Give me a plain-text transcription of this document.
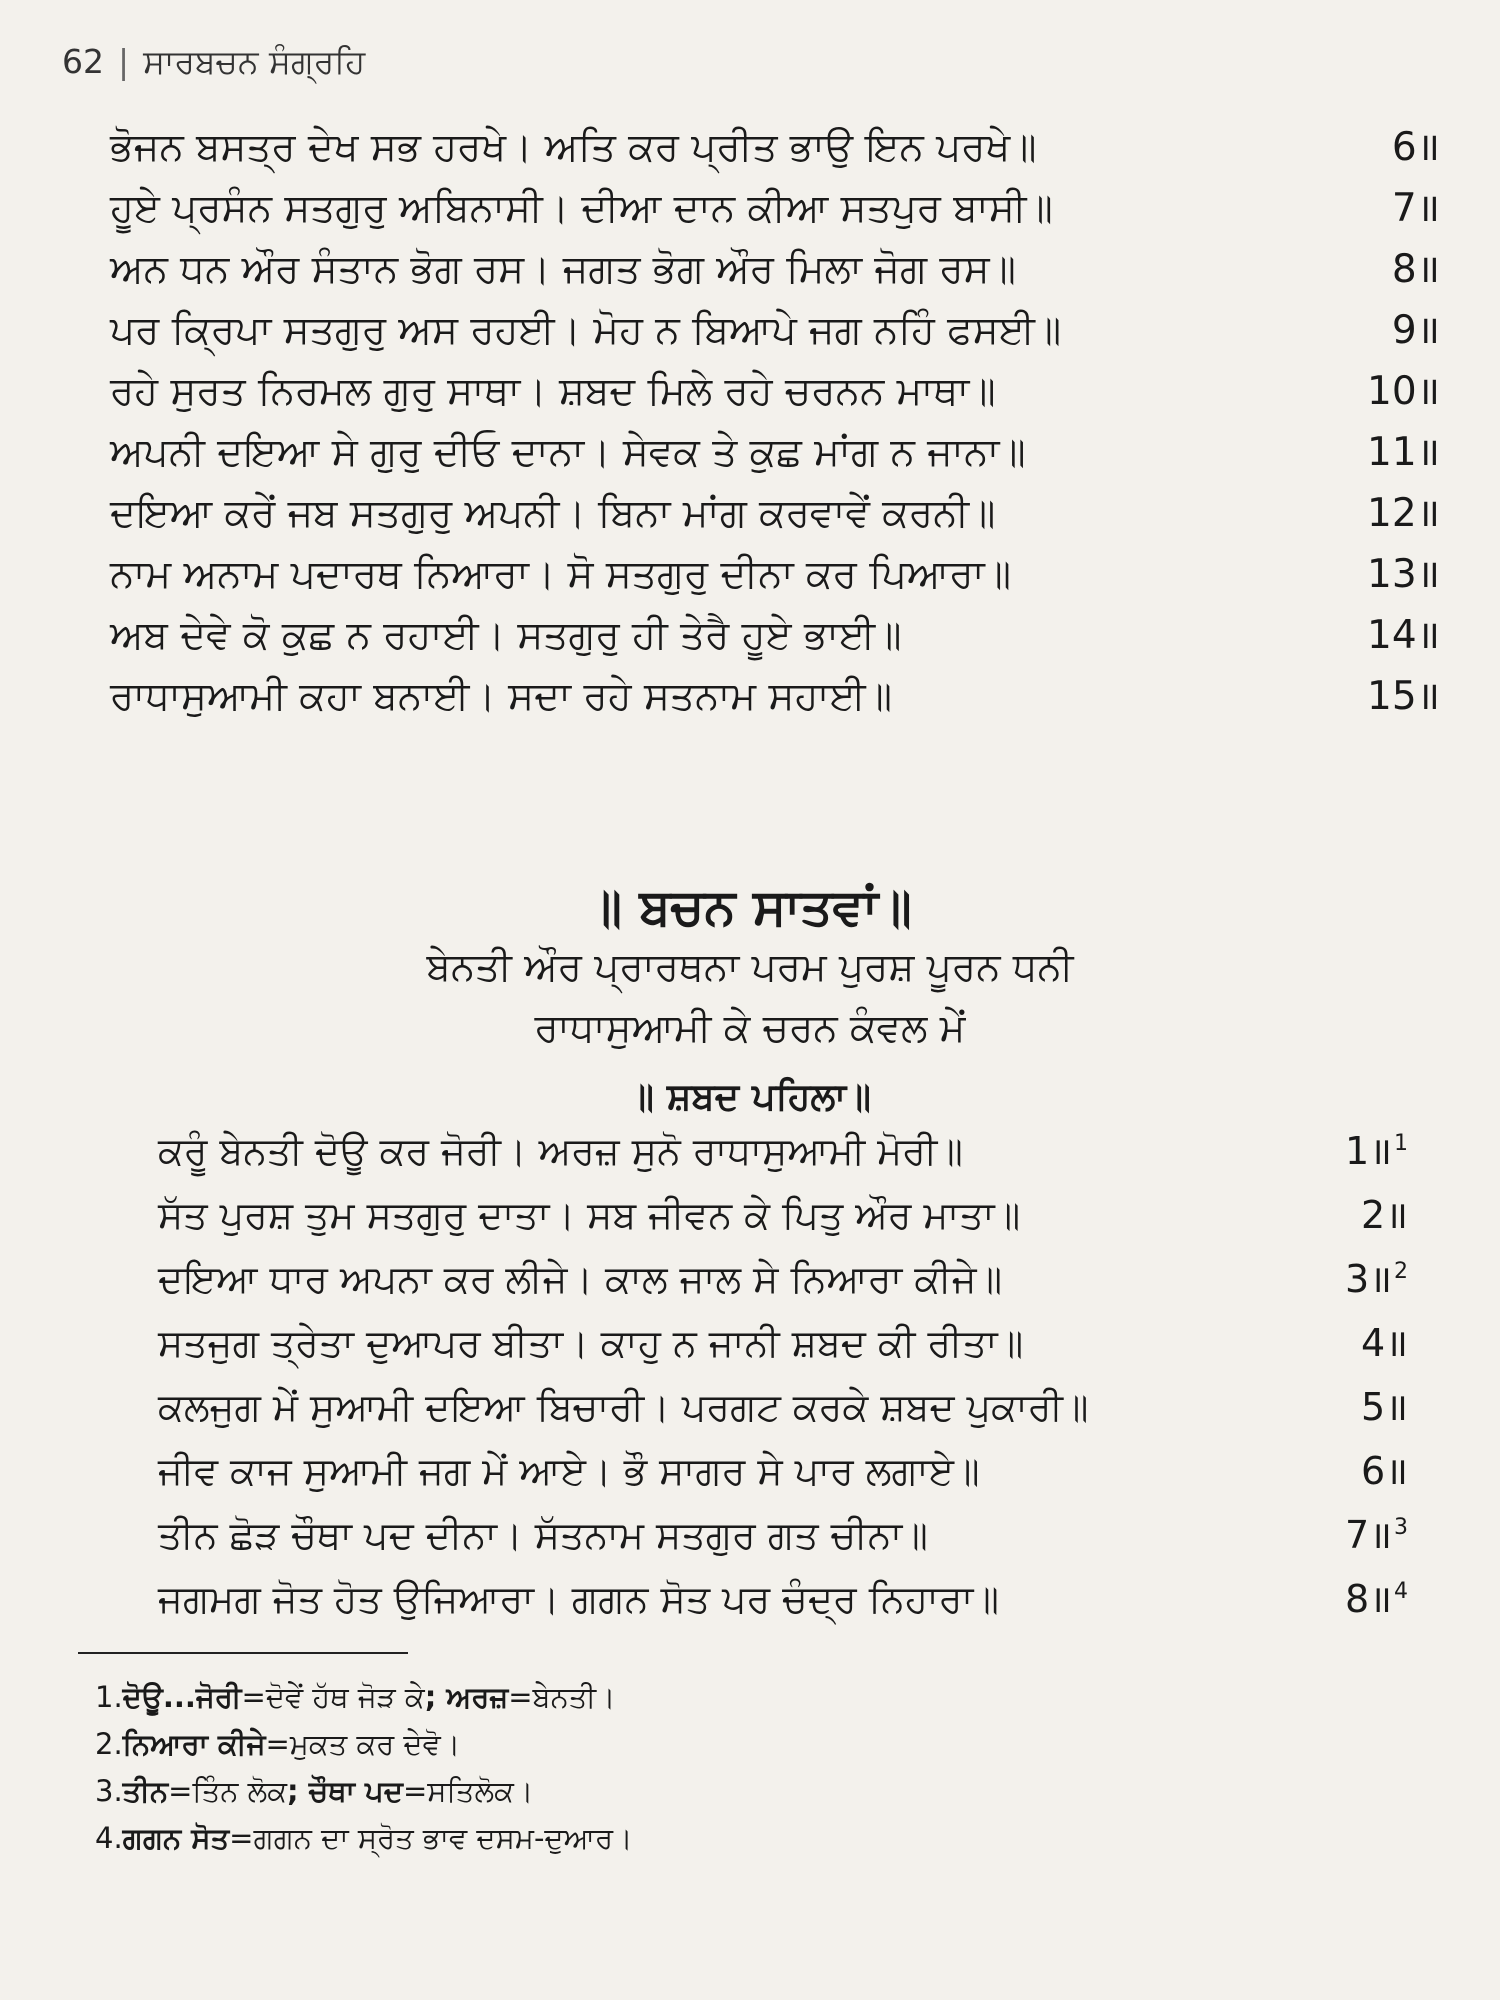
62 | ਸਾਰਬਚਨ ਸੰਗ੍ਰਹਿ
ਭੋਜਨ ਬਸਤ੍ਰ ਦੇਖ ਸਭ ਹਰਖੇ। ਅਤਿ ਕਰ ਪ੍ਰੀਤ ਭਾਉ ਇਨ ਪਰਖੇ॥	6॥
ਹੂਏ ਪ੍ਰਸੰਨ ਸਤਗੁਰੁ ਅਬਿਨਾਸੀ। ਦੀਆ ਦਾਨ ਕੀਆ ਸਤਪੁਰ ਬਾਸੀ॥	7॥
ਅਨ ਧਨ ਔਰ ਸੰਤਾਨ ਭੋਗ ਰਸ। ਜਗਤ ਭੋਗ ਔਰ ਮਿਲਾ ਜੋਗ ਰਸ॥	8॥
ਪਰ ਕ੍ਰਿਪਾ ਸਤਗੁਰੁ ਅਸ ਰਹਈ। ਮੋਹ ਨ ਬਿਆਪੇ ਜਗ ਨਹਿੰ ਫਸਈ॥	9॥
ਰਹੇ ਸੁਰਤ ਨਿਰਮਲ ਗੁਰੁ ਸਾਥਾ। ਸ਼ਬਦ ਮਿਲੇ ਰਹੇ ਚਰਨਨ ਮਾਥਾ॥	10॥
ਅਪਨੀ ਦਇਆ ਸੇ ਗੁਰੁ ਦੀਓ ਦਾਨਾ। ਸੇਵਕ ਤੇ ਕੁਛ ਮਾਂਗ ਨ ਜਾਨਾ॥	11॥
ਦਇਆ ਕਰੇਂ ਜਬ ਸਤਗੁਰੁ ਅਪਨੀ। ਬਿਨਾ ਮਾਂਗ ਕਰਵਾਵੇਂ ਕਰਨੀ॥	12॥
ਨਾਮ ਅਨਾਮ ਪਦਾਰਥ ਨਿਆਰਾ। ਸੋ ਸਤਗੁਰੁ ਦੀਨਾ ਕਰ ਪਿਆਰਾ॥	13॥
ਅਬ ਦੇਵੇ ਕੋ ਕੁਛ ਨ ਰਹਾਈ। ਸਤਗੁਰੁ ਹੀ ਤੇਰੈ ਹੂਏ ਭਾਈ॥	14॥
ਰਾਧਾਸੁਆਮੀ ਕਹਾ ਬਨਾਈ। ਸਦਾ ਰਹੇ ਸਤਨਾਮ ਸਹਾਈ॥	15॥
॥ ਬਚਨ ਸਾਤਵਾਂ॥
ਬੇਨਤੀ ਔਰ ਪ੍ਰਾਰਥਨਾ ਪਰਮ ਪੁਰਸ਼ ਪੂਰਨ ਧਨੀ
ਰਾਧਾਸੁਆਮੀ ਕੇ ਚਰਨ ਕੰਵਲ ਮੇਂ
॥ ਸ਼ਬਦ ਪਹਿਲਾ॥
ਕਰੂੰ ਬੇਨਤੀ ਦੋਊ ਕਰ ਜੋਰੀ। ਅਰਜ਼ ਸੁਨੋ ਰਾਧਾਸੁਆਮੀ ਮੋਰੀ॥	1॥$^1$
ਸੱਤ ਪੁਰਸ਼ ਤੁਮ ਸਤਗੁਰੁ ਦਾਤਾ। ਸਬ ਜੀਵਨ ਕੇ ਪਿਤੁ ਔਰ ਮਾਤਾ॥	2॥
ਦਇਆ ਧਾਰ ਅਪਨਾ ਕਰ ਲੀਜੇ। ਕਾਲ ਜਾਲ ਸੇ ਨਿਆਰਾ ਕੀਜੇ॥	3॥$^2$
ਸਤਜੁਗ ਤ੍ਰੇਤਾ ਦੁਆਪਰ ਬੀਤਾ। ਕਾਹੁ ਨ ਜਾਨੀ ਸ਼ਬਦ ਕੀ ਰੀਤਾ॥	4॥
ਕਲਜੁਗ ਮੇਂ ਸੁਆਮੀ ਦਇਆ ਬਿਚਾਰੀ। ਪਰਗਟ ਕਰਕੇ ਸ਼ਬਦ ਪੁਕਾਰੀ॥	5॥
ਜੀਵ ਕਾਜ ਸੁਆਮੀ ਜਗ ਮੇਂ ਆਏ। ਭੌ ਸਾਗਰ ਸੇ ਪਾਰ ਲਗਾਏ॥	6॥
ਤੀਨ ਛੋੜ ਚੌਥਾ ਪਦ ਦੀਨਾ। ਸੱਤਨਾਮ ਸਤਗੁਰ ਗਤ ਚੀਨਾ॥	7॥$^3$
ਜਗਮਗ ਜੋਤ ਹੋਤ ਉਜਿਆਰਾ। ਗਗਨ ਸੋਤ ਪਰ ਚੰਦ੍ਰ ਨਿਹਾਰਾ॥	8॥$^4$
1.ਦੋਊ...ਜੋਰੀ=ਦੋਵੇਂ ਹੱਥ ਜੋੜ ਕੇ; ਅਰਜ਼=ਬੇਨਤੀ।
2.ਨਿਆਰਾ ਕੀਜੇ=ਮੁਕਤ ਕਰ ਦੇਵੋ।
3.ਤੀਨ=ਤਿੰਨ ਲੋਕ; ਚੌਥਾ ਪਦ=ਸਤਿਲੋਕ।
4.ਗਗਨ ਸੋਤ=ਗਗਨ ਦਾ ਸ੍ਰੋਤ ਭਾਵ ਦਸਮ-ਦੁਆਰ।
